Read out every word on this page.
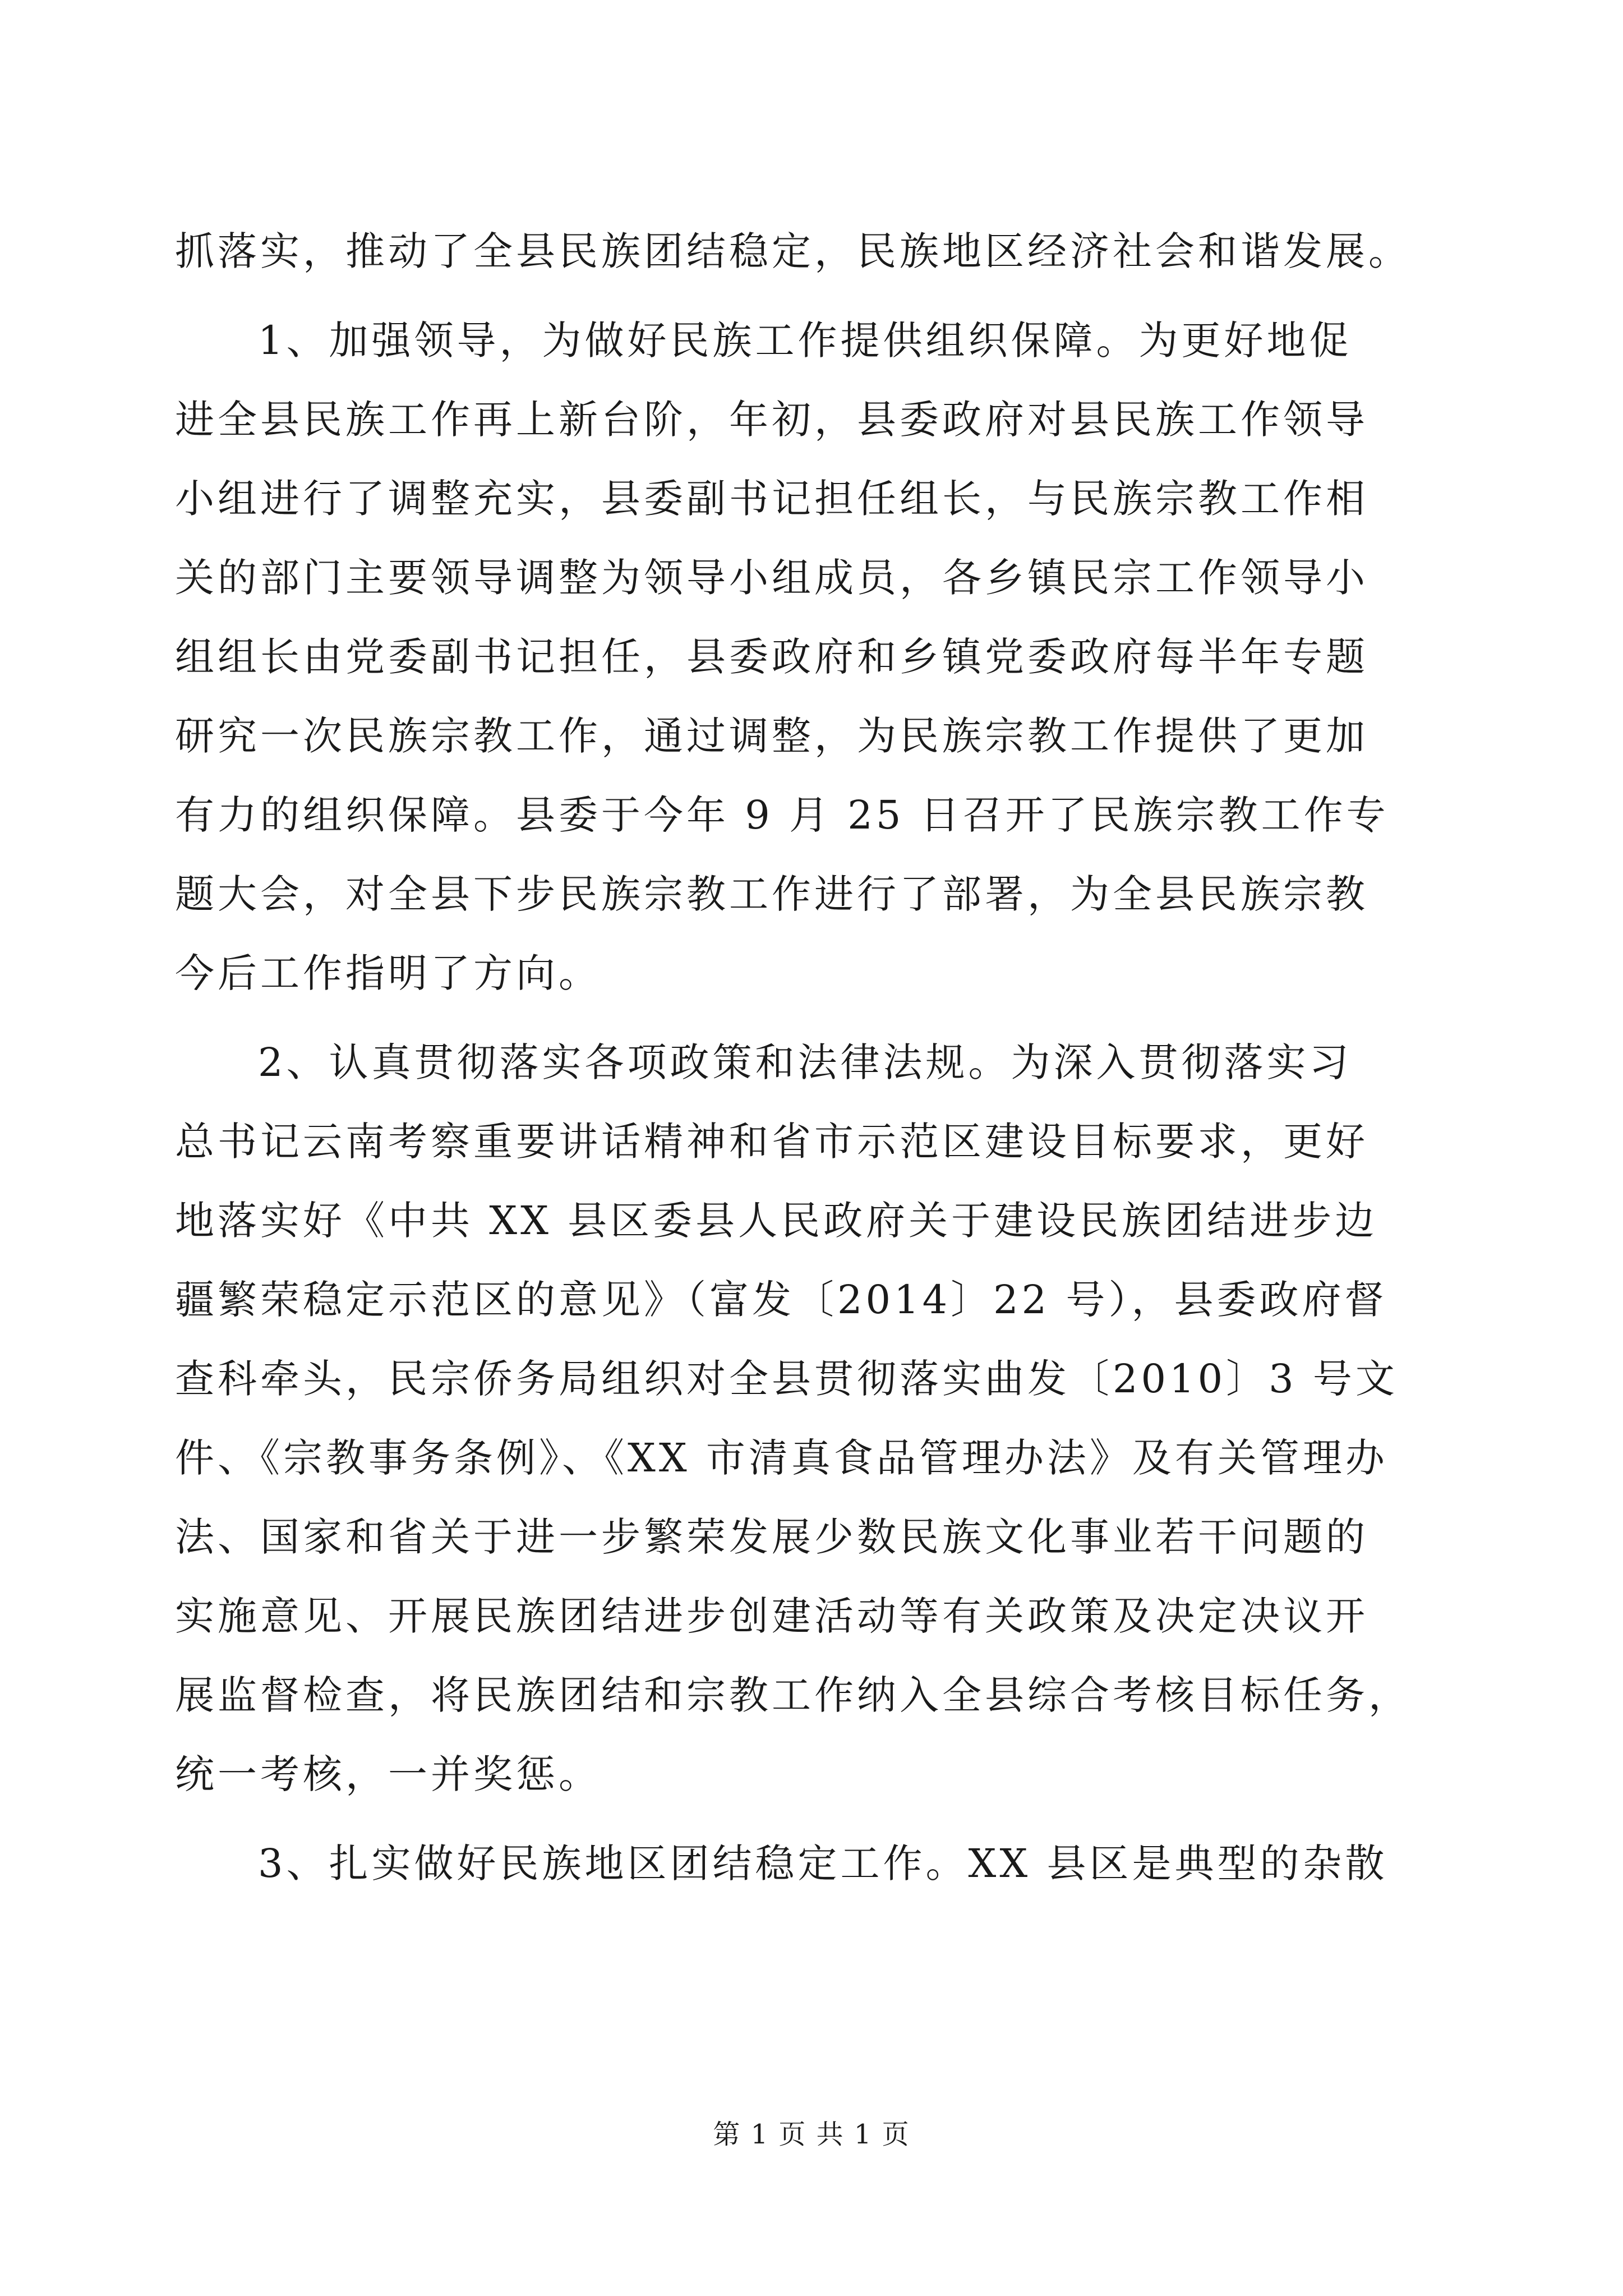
抓落实，推动了全县民族团结稳定，民族地区经济社会和谐发展。
1、加强领导，为做好民族工作提供组织保障。为更好地促
进全县民族工作再上新台阶，年初，县委政府对县民族工作领导
小组进行了调整充实，县委副书记担任组长，与民族宗教工作相
关的部门主要领导调整为领导小组成员，各乡镇民宗工作领导小
组组长由党委副书记担任，县委政府和乡镇党委政府每半年专题
研究一次民族宗教工作，通过调整，为民族宗教工作提供了更加
有力的组织保障。县委于今年 9 月 25 日召开了民族宗教工作专
题大会，对全县下步民族宗教工作进行了部署，为全县民族宗教
今后工作指明了方向。
2、认真贯彻落实各项政策和法律法规。为深入贯彻落实习
总书记云南考察重要讲话精神和省市示范区建设目标要求，更好
地落实好《中共 XX 县区委县人民政府关于建设民族团结进步边
疆繁荣稳定示范区的意见》（富发〔2014〕22 号），县委政府督
查科牵头，民宗侨务局组织对全县贯彻落实曲发〔2010〕3 号文
件、《宗教事务条例》、《XX 市清真食品管理办法》及有关管理办
法、国家和省关于进一步繁荣发展少数民族文化事业若干问题的
实施意见、开展民族团结进步创建活动等有关政策及决定决议开
展监督检查，将民族团结和宗教工作纳入全县综合考核目标任务，
统一考核，一并奖惩。
3、扎实做好民族地区团结稳定工作。XX 县区是典型的杂散
第 1 页 共 1 页
